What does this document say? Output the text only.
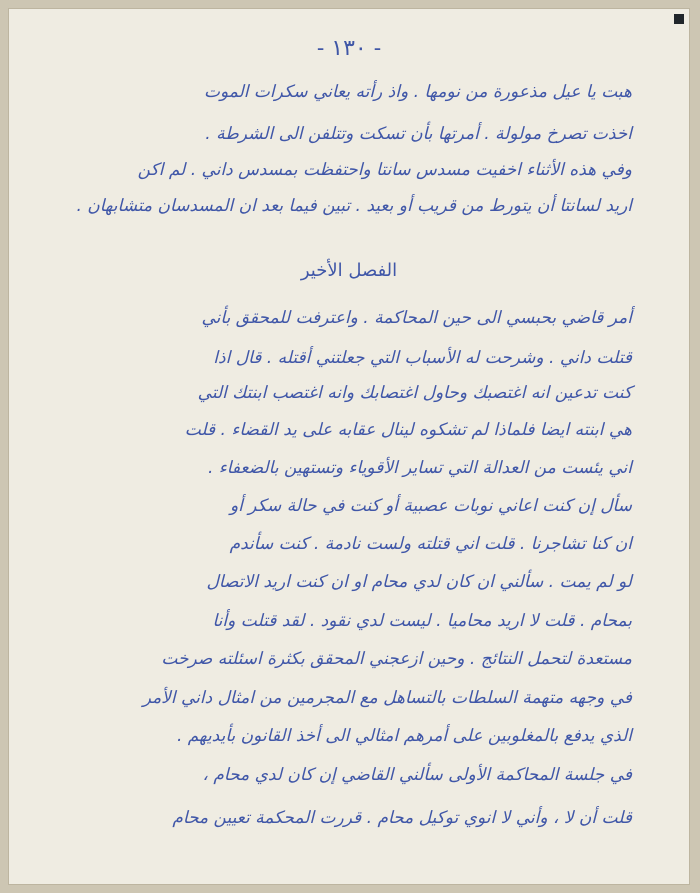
- ١٣٠ -
هبت يا عيل مذعورة من نومها . واذ رأته يعاني سكرات الموت
اخذت تصرخ مولولة . أمرتها بأن تسكت وتتلفن الى الشرطة .
وفي هذه الأثناء اخفيت مسدس سانتا واحتفظت بمسدس داني . لم اكن
اريد لسانتا أن يتورط من قريب أو بعيد . تبين فيما بعد ان المسدسان متشابهان .
الفصل الأخير
أمر قاضي بحبسي الى حين المحاكمة . واعترفت للمحقق بأني
قتلت داني . وشرحت له الأسباب التي جعلتني أقتله . قال اذا
كنت تدعين انه اغتصبك وحاول اغتصابك وانه اغتصب ابنتك التي
هي ابنته ايضا فلماذا لم تشكوه لينال عقابه على يد القضاء . قلت
اني يئست من العدالة التي تساير الأقوياء وتستهين بالضعفاء .
سأل إن كنت اعاني نوبات عصبية أو كنت في حالة سكر أو
ان كنا تشاجرنا . قلت اني قتلته ولست نادمة . كنت سأندم
لو لم يمت . سألني ان كان لدي محام او ان كنت اريد الاتصال
بمحام . قلت لا اريد محاميا . ليست لدي نقود . لقد قتلت وأنا
مستعدة لتحمل النتائج . وحين ازعجني المحقق بكثرة اسئلته صرخت
في وجهه متهمة السلطات بالتساهل مع المجرمين من امثال داني الأمر
الذي يدفع بالمغلوبين على أمرهم امثالي الى أخذ القانون بأيديهم .
في جلسة المحاكمة الأولى سألني القاضي إن كان لدي محام ،
قلت أن لا ، وأني لا انوي توكيل محام . قررت المحكمة تعيين محام
